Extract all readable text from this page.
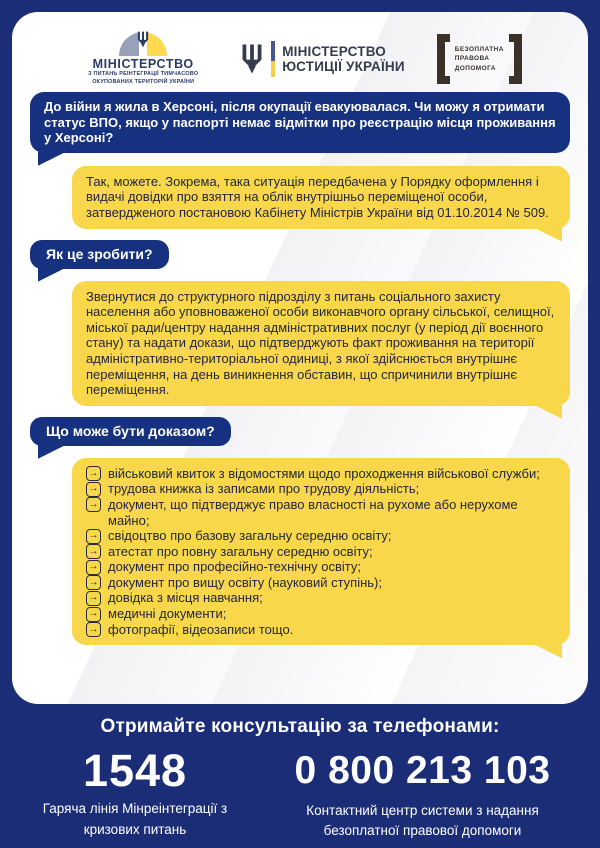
МІНІСТЕРСТВО
З ПИТАНЬ РЕІНТЕГРАЦІЇ ТИМЧАСОВО
ОКУПОВАНИХ ТЕРИТОРІЙ УКРАЇНИ
МІНІСТЕРСТВО
ЮСТИЦІЇ УКРАЇНИ
БЕЗОПЛАТНА
ПРАВОВА
ДОПОМОГА
До війни я жила в Херсоні, після окупації евакуювалася. Чи можу я отримати статус ВПО, якщо у паспорті немає відмітки про реєстрацію місця проживання у Херсоні?
Так, можете. Зокрема, така ситуація передбачена у Порядку оформлення і видачі довідки про взяття на облік внутрішньо переміщеної особи, затвердженого постановою Кабінету Міністрів України від 01.10.2014 № 509.
Як це зробити?
Звернутися до структурного підрозділу з питань соціального захисту населення або уповноваженої особи виконавчого органу сільської, селищної, міської ради/центру надання адміністративних послуг (у період дії воєнного стану) та надати докази, що підтверджують факт проживання на території адміністративно-територіальної одиниці, з якої здійснюється внутрішнє переміщення, на день виникнення обставин, що спричинили внутрішнє переміщення.
Що може бути доказом?
→ військовий квиток з відомостями щодо проходження військової служби;
→ трудова книжка із записами про трудову діяльність;
→ документ, що підтверджує право власності на рухоме або нерухоме майно;
→ свідоцтво про базову загальну середню освіту;
→ атестат про повну загальну середню освіту;
→ документ про професійно-технічну освіту;
→ документ про вищу освіту (науковий ступінь);
→ довідка з місця навчання;
→ медичні документи;
→ фотографії, відеозаписи тощо.
Отримайте консультацію за телефонами:
1548
Гаряча лінія Мінреінтеграції з кризових питань
0 800 213 103
Контактний центр системи з надання безоплатної правової допомоги
